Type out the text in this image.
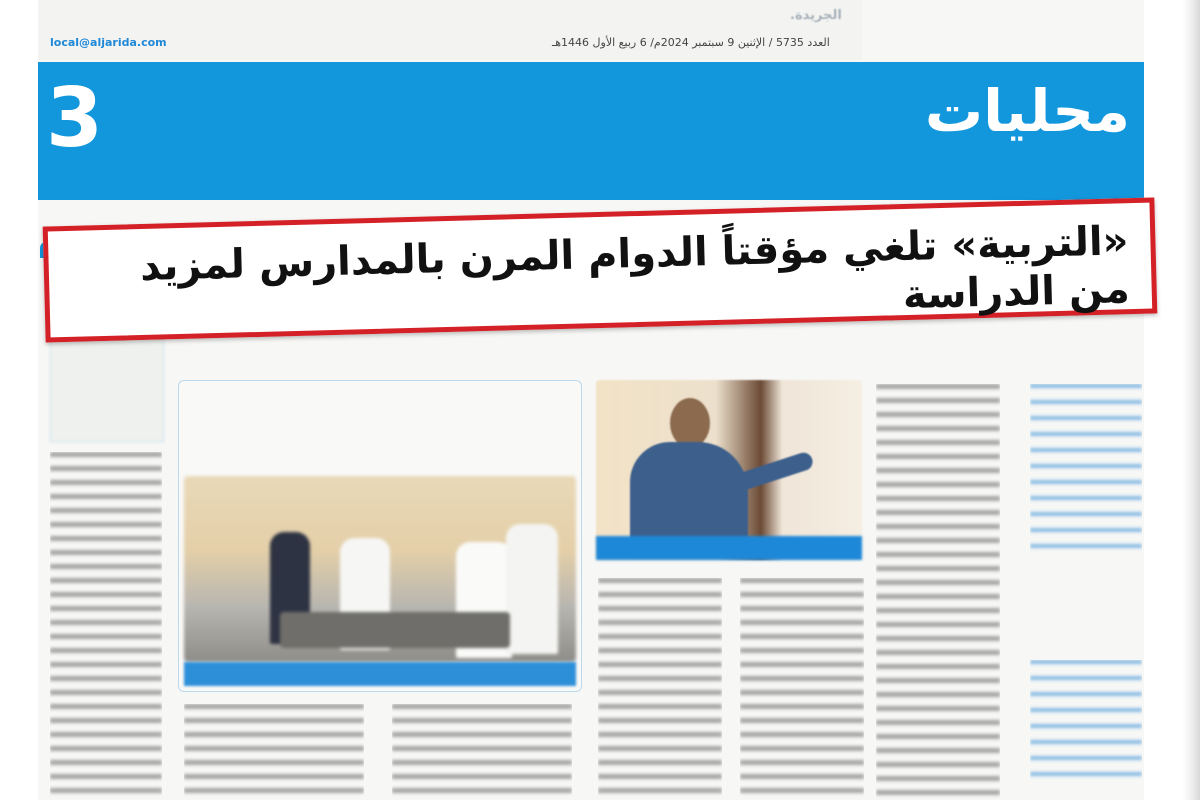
الجريدة.
العدد 5735 / الإثنين 9 سبتمبر 2024م/ 6 ربيع الأول 1446هـ
local@aljarida.com
محليات
3
«التربية» تلغي مؤقتاً الدوام المرن بالمدارس لمزيد من الدراسة
